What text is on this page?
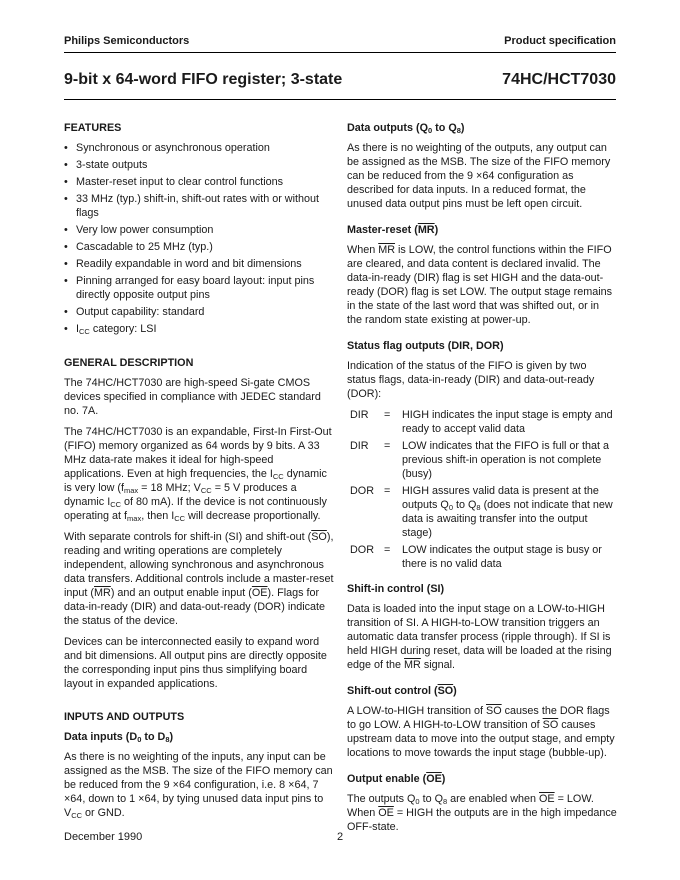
Philips Semiconductors	Product specification
9-bit x 64-word FIFO register; 3-state	74HC/HCT7030
FEATURES
• Synchronous or asynchronous operation
• 3-state outputs
• Master-reset input to clear control functions
• 33 MHz (typ.) shift-in, shift-out rates with or without flags
• Very low power consumption
• Cascadable to 25 MHz (typ.)
• Readily expandable in word and bit dimensions
• Pinning arranged for easy board layout: input pins directly opposite output pins
• Output capability: standard
• $I_{CC}$ category: LSI
GENERAL DESCRIPTION

The 74HC/HCT7030 are high-speed Si-gate CMOS devices specified in compliance with JEDEC standard no. 7A.

The 74HC/HCT7030 is an expandable, First-In First-Out (FIFO) memory organized as 64 words by 9 bits. A 33 MHz data-rate makes it ideal for high-speed applications. Even at high frequencies, the $I_{CC}$ dynamic is very low ($f_{max} = 18$ MHz; $V_{CC} = 5$ V produces a dynamic $I_{CC}$ of 80 mA). If the device is not continuously operating at $f_{max}$, then $I_{CC}$ will decrease proportionally.

With separate controls for shift-in (SI) and shift-out $(\overline{SO})$, reading and writing operations are completely independent, allowing synchronous and asynchronous data transfers. Additional controls include a master-reset input $(\overline{MR})$ and an output enable input $(\overline{OE})$. Flags for data-in-ready (DIR) and data-out-ready (DOR) indicate the status of the device.

Devices can be interconnected easily to expand word and bit dimensions. All output pins are directly opposite the corresponding input pins thus simplifying board layout in expanded applications.

INPUTS AND OUTPUTS
Data inputs ($D_0$ to $D_8$)

As there is no weighting of the inputs, any input can be assigned as the MSB. The size of the FIFO memory can be reduced from the 9 ×64 configuration, i.e. 8 ×64, 7 ×64, down to 1 ×64, by tying unused data input pins to $V_{CC}$ or GND.

Data outputs ($Q_0$ to $Q_8$)

As there is no weighting of the outputs, any output can be assigned as the MSB. The size of the FIFO memory can be reduced from the 9 ×64 configuration as described for data inputs. In a reduced format, the unused data output pins must be left open circuit.

Master-reset (MR)

When $\overline{MR}$ is LOW, the control functions within the FIFO are cleared, and data content is declared invalid. The data-in-ready (DIR) flag is set HIGH and the data-out-ready (DOR) flag is set LOW. The output stage remains in the state of the last word that was shifted out, or in the random state existing at power-up.

Status flag outputs (DIR, DOR)

Indication of the status of the FIFO is given by two status flags, data-in-ready (DIR) and data-out-ready (DOR):

DIR	=	HIGH indicates the input stage is empty and ready to accept valid data
DIR	=	LOW indicates that the FIFO is full or that a previous shift-in operation is not complete (busy)
DOR	=	HIGH assures valid data is present at the outputs $Q_0$ to $Q_8$ (does not indicate that new data is awaiting transfer into the output stage)
DOR	=	LOW indicates the output stage is busy or there is no valid data
Shift-in control (SI)

Data is loaded into the input stage on a LOW-to-HIGH transition of SI. A HIGH-to-LOW transition triggers an automatic data transfer process (ripple through). If SI is held HIGH during reset, data will be loaded at the rising edge of the $\overline{MR}$ signal.

Shift-out control (SO)

A LOW-to-HIGH transition of $\overline{SO}$ causes the DOR flags to go LOW. A HIGH-to-LOW transition of $\overline{SO}$ causes upstream data to move into the output stage, and empty locations to move towards the input stage (bubble-up).

Output enable (OE)

The outputs $Q_0$ to $Q_8$ are enabled when $\overline{OE}$ = LOW. When $\overline{OE}$ = HIGH the outputs are in the high impedance OFF-state.

December 1990	2
